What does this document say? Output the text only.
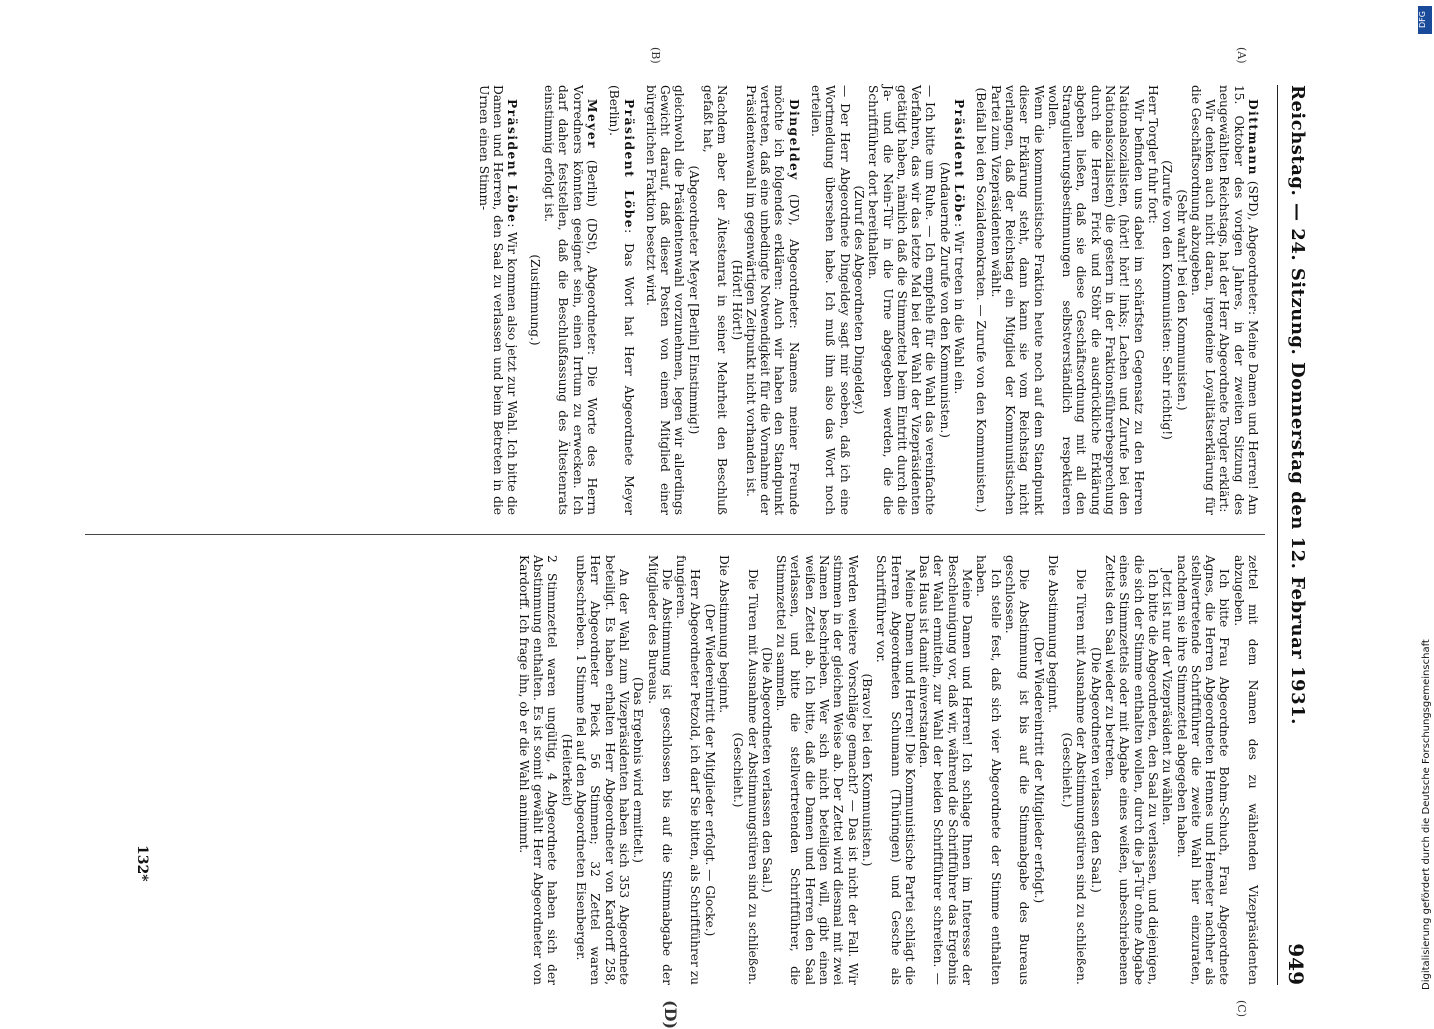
Reichstag. — 24. Sitzung. Donnerstag den 12. Februar 1931.
949
(A)
(B)
(C)
(D)

Dittmann (SPD), Abgeordneter: Meine Damen und Herren! Am 15. Oktober des vorigen Jahres, in der zweiten Sitzung des neugewählten Reichstags, hat der Herr Abgeordnete Torgler erklärt:

Wir denken auch nicht daran, irgendeine Loyalitätserklärung für die Geschäftsordnung abzugeben.

(Sehr wahr! bei den Kommunisten.)

(Zurufe von den Kommunisten: Sehr richtig!)

Herr Torgler fuhr fort:

Wir befinden uns dabei im schärfsten Gegensatz zu den Herren Nationalsozialisten, (hört! hört! links; Lachen und Zurufe bei den Nationalsozialisten) die gestern in der Fraktionsführerbesprechung durch die Herren Frick und Stöhr die ausdrückliche Erklärung abgeben ließen, daß sie diese Geschäftsordnung mit all den Strangulierungsbestimmungen selbstverständlich respektieren wollen.

Wenn die kommunistische Fraktion heute noch auf dem Standpunkt dieser Erklärung steht, dann kann sie vom Reichstag nicht verlangen, daß der Reichstag ein Mitglied der Kommunistischen Partei zum Vizepräsidenten wählt.

(Beifall bei den Sozialdemokraten. — Zurufe von den Kommunisten.)

Präsident Löbe: Wir treten in die Wahl ein.

(Andauernde Zurufe von den Kommunisten.)

— Ich bitte um Ruhe. — Ich empfehle für die Wahl das vereinfachte Verfahren, das wir das letzte Mal bei der Wahl der Vizepräsidenten getätigt haben, nämlich daß die Stimmzettel beim Eintritt durch die Ja- und die Nein-Tür in die Urne abgegeben werden, die die Schriftführer dort bereithalten.

(Zuruf des Abgeordneten Dingeldey.)

— Der Herr Abgeordnete Dingeldey sagt mir soeben, daß ich eine Wortmeldung übersehen habe. Ich muß ihm also das Wort noch erteilen.

Dingeldey (DV), Abgeordneter: Namens meiner Freunde möchte ich folgendes erklären: Auch wir haben den Standpunkt vertreten, daß eine unbedingte Notwendigkeit für die Vornahme der Präsidentenwahl im gegenwärtigen Zeitpunkt nicht vorhanden ist.

(Hört! Hört!)

Nachdem aber der Ältestenrat in seiner Mehrheit den Beschluß gefaßt hat,

(Abgeordneter Meyer [Berlin] Einstimmig!)

gleichwohl die Präsidentenwahl vorzunehmen, legen wir allerdings Gewicht darauf, daß dieser Posten von einem Mitglied einer bürgerlichen Fraktion besetzt wird.

Präsident Löbe: Das Wort hat Herr Abgeordnete Meyer (Berlin).

Meyer (Berlin) (DSt), Abgeordneter: Die Worte des Herrn Vorredners könnten geeignet sein, einen Irrtum zu erwecken. Ich darf daher feststellen, daß die Beschlußfassung des Ältestenrats einstimmig erfolgt ist.

(Zustimmung.)

Präsident Löbe: Wir kommen also jetzt zur Wahl. Ich bitte die Damen und Herren, den Saal zu verlassen und beim Betreten in die Urnen einen Stimm-

zettel mit dem Namen des zu wählenden Vizepräsidenten abzugeben.

Ich bitte Frau Abgeordnete Bohm-Schuch, Frau Abgeordnete Agnes, die Herren Abgeordneten Hennes und Hemeter nachher als stellvertretende Schriftführer die zweite Wahl hier einzuraten, nachdem sie ihre Stimmzettel abgegeben haben.

Jetzt ist nur der Vizepräsident zu wählen.

Ich bitte die Abgeordneten, den Saal zu verlassen, und diejenigen, die sich der Stimme enthalten wollen, durch die Ja-Tür ohne Abgabe eines Stimmzettels oder mit Abgabe eines weißen, unbeschriebenen Zettels den Saal wieder zu betreten.

(Die Abgeordneten verlassen den Saal.)

Die Türen mit Ausnahme der Abstimmungstüren sind zu schließen.

(Geschieht.)

Die Abstimmung beginnt.

(Der Wiedereintritt der Mitglieder erfolgt.)

Die Abstimmung ist bis auf die Stimmabgabe des Bureaus geschlossen.

Ich stelle fest, daß sich vier Abgeordnete der Stimme enthalten haben.

Meine Damen und Herren! Ich schlage Ihnen im Interesse der Beschleunigung vor, daß wir, während die Schriftführer das Ergebnis der Wahl ermitteln, zur Wahl der beiden Schriftführer schreiten. — Das Haus ist damit einverstanden.

Meine Damen und Herren! Die Kommunistische Partei schlägt die Herren Abgeordneten Schumann (Thüringen) und Gesche als Schriftführer vor.

(Bravo! bei den Kommunisten.)

Werden weitere Vorschläge gemacht? — Das ist nicht der Fall. Wir stimmen in der gleichen Weise ab. Der Zettel wird diesmal mit zwei Namen beschrieben. Wer sich nicht beteiligen will, gibt einen weißen Zettel ab. Ich bitte, daß die Damen und Herren den Saal verlassen, und bitte die stellvertretenden Schriftführer, die Stimmzettel zu sammeln.

(Die Abgeordneten verlassen den Saal.)

Die Türen mit Ausnahme der Abstimmungstüren sind zu schließen.

(Geschieht.)

Die Abstimmung beginnt.

(Der Wiedereintritt der Mitglieder erfolgt. — Glocke.)

Herr Abgeordneter Petzold, ich darf Sie bitten, als Schriftführer zu fungieren.

Die Abstimmung ist geschlossen bis auf die Stimmabgabe der Mitglieder des Bureaus.

(Das Ergebnis wird ermittelt.)

An der Wahl zum Vizepräsidenten haben sich 353 Abgeordnete beteiligt. Es haben erhalten Herr Abgeordneter von Kardorff 258, Herr Abgeordneter Pieck 56 Stimmen; 32 Zettel waren unbeschrieben. 1 Stimme fiel auf den Abgeordneten Eisenberger.

(Heiterkeit)

2 Stimmzettel waren ungültig, 4 Abgeordnete haben sich der Abstimmung enthalten. Es ist somit gewählt Herr Abgeordneter von Kardorff. Ich frage ihn, ob er die Wahl annimmt.

132*
DFG
Digitalisierung gefördert durch die Deutsche Forschungsgemeinschaft
